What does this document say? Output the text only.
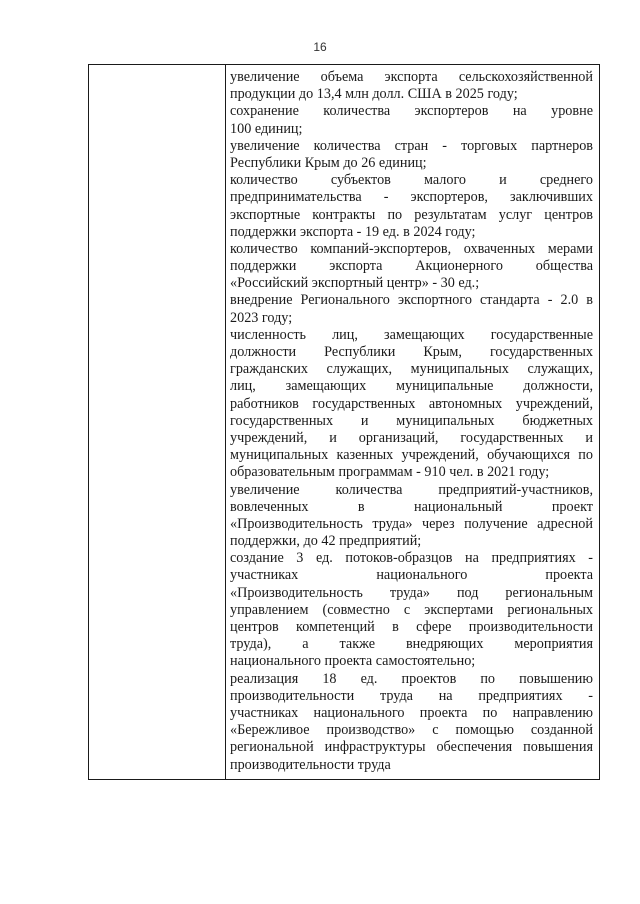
16
увеличение объема экспорта сельскохозяйственной
продукции до 13,4 млн долл. США в 2025 году;
сохранение количества экспортеров на уровне
100 единиц;
увеличение количества стран - торговых партнеров
Республики Крым до 26 единиц;
количество субъектов малого и среднего
предпринимательства - экспортеров, заключивших
экспортные контракты по результатам услуг центров
поддержки экспорта - 19 ед. в 2024 году;
количество компаний-экспортеров, охваченных мерами
поддержки экспорта Акционерного общества
«Российский экспортный центр» - 30 ед.;
внедрение Регионального экспортного стандарта - 2.0 в
2023 году;
численность лиц, замещающих государственные
должности Республики Крым, государственных
гражданских служащих, муниципальных служащих,
лиц, замещающих муниципальные должности,
работников государственных автономных учреждений,
государственных и муниципальных бюджетных
учреждений, и организаций, государственных и
муниципальных казенных учреждений, обучающихся по
образовательным программам - 910 чел. в 2021 году;
увеличение количества предприятий-участников,
вовлеченных в национальный проект
«Производительность труда» через получение адресной
поддержки, до 42 предприятий;
создание 3 ед. потоков-образцов на предприятиях -
участниках национального проекта
«Производительность труда» под региональным
управлением (совместно с экспертами региональных
центров компетенций в сфере производительности
труда), а также внедряющих мероприятия
национального проекта самостоятельно;
реализация 18 ед. проектов по повышению
производительности труда на предприятиях -
участниках национального проекта по направлению
«Бережливое производство» с помощью созданной
региональной инфраструктуры обеспечения повышения
производительности труда
